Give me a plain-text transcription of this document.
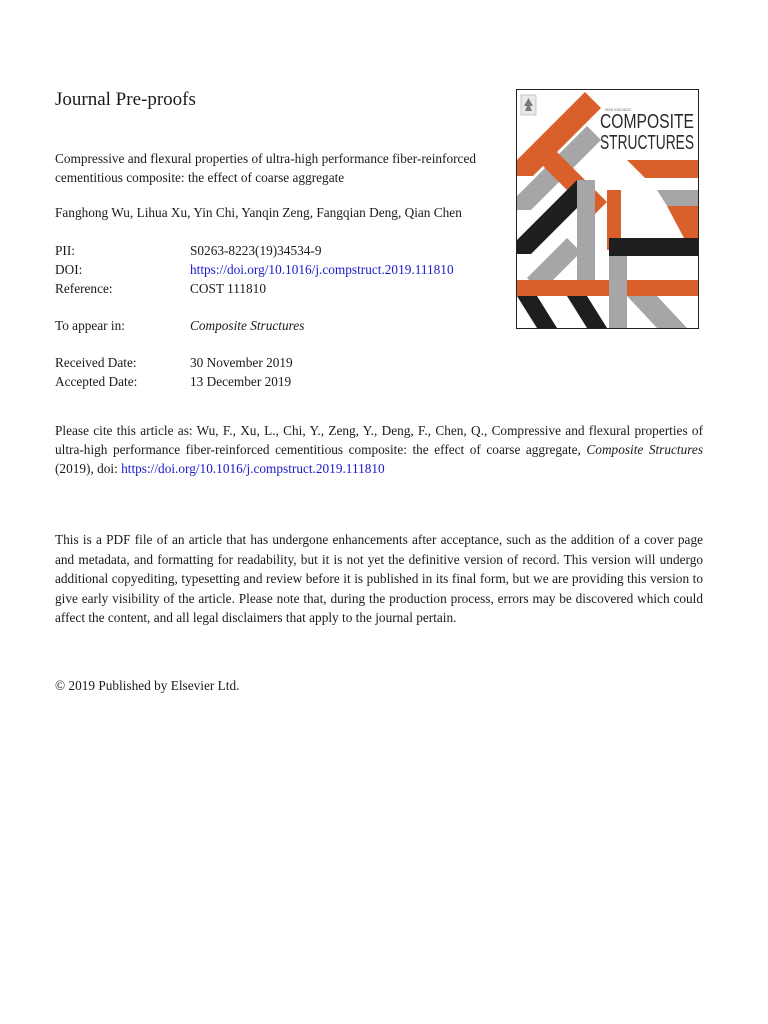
Journal Pre-proofs
Compressive and flexural properties of ultra-high performance fiber-reinforced cementitious composite: the effect of coarse aggregate
Fanghong Wu, Lihua Xu, Yin Chi, Yanqin Zeng, Fangqian Deng, Qian Chen
PII:	S0263-8223(19)34534-9
DOI:	https://doi.org/10.1016/j.compstruct.2019.111810
Reference:	COST 111810
To appear in:	Composite Structures
Received Date:	30 November 2019
Accepted Date:	13 December 2019
Please cite this article as: Wu, F., Xu, L., Chi, Y., Zeng, Y., Deng, F., Chen, Q., Compressive and flexural properties of ultra-high performance fiber-reinforced cementitious composite: the effect of coarse aggregate, Composite Structures (2019), doi: https://doi.org/10.1016/j.compstruct.2019.111810
This is a PDF file of an article that has undergone enhancements after acceptance, such as the addition of a cover page and metadata, and formatting for readability, but it is not yet the definitive version of record. This version will undergo additional copyediting, typesetting and review before it is published in its final form, but we are providing this version to give early visibility of the article. Please note that, during the production process, errors may be discovered which could affect the content, and all legal disclaimers that apply to the journal pertain.
© 2019 Published by Elsevier Ltd.
ISSN 0263-8223
COMPOSITE
STRUCTURES
